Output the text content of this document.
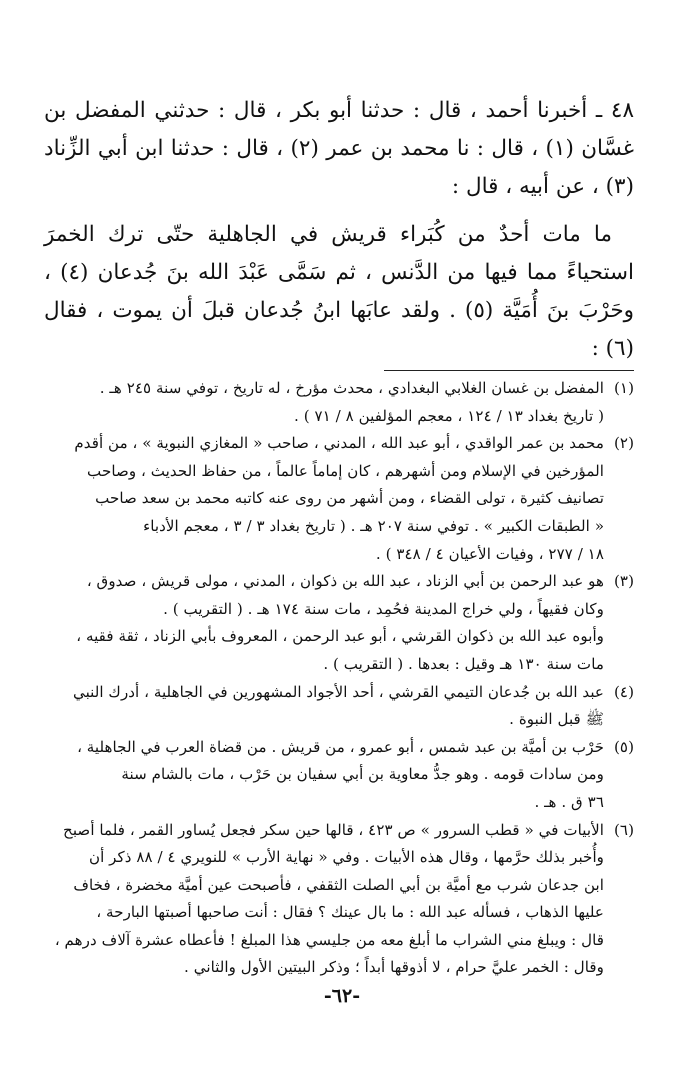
٤٨ ـ أخبرنا أحمد ، قال : حدثنا أبو بكر ، قال : حدثني المفضل بن غسَّان (١) ، قال : نا محمد بن عمر (٢) ، قال : حدثنا ابن أبي الزِّناد (٣) ، عن أبيه ، قال :

ما مات أحدٌ من كُبَراء قريش في الجاهلية حتّى ترك الخمرَ استحياءً مما فيها من الدَّنس ، ثم سَمَّى عَبْدَ الله بنَ جُدعان (٤) ، وحَرْبَ بنَ أُمَيَّة (٥) . ولقد عابَها ابنُ جُدعان قبلَ أن يموت ، فقال (٦) :

(١)
المفضل بن غسان الغلابي البغدادي ، محدث مؤرخ ، له تاريخ ، توفي سنة ٢٤٥ هـ .
( تاريخ بغداد ١٣ / ١٢٤ ، معجم المؤلفين ٨ / ٧١ ) .
(٢)
محمد بن عمر الواقدي ، أبو عبد الله ، المدني ، صاحب « المغازي النبوية » ، من أقدم
المؤرخين في الإسلام ومن أشهرهم ، كان إماماً عالماً ، من حفاظ الحديث ، وصاحب
تصانيف كثيرة ، تولى القضاء ، ومن أشهر من روى عنه كاتبه محمد بن سعد صاحب
« الطبقات الكبير » . توفي سنة ٢٠٧ هـ . ( تاريخ بغداد ٣ / ٣ ، معجم الأدباء
١٨ / ٢٧٧ ، وفيات الأعيان ٤ / ٣٤٨ ) .
(٣)
هو عبد الرحمن بن أبي الزناد ، عبد الله بن ذكوان ، المدني ، مولى قريش ، صدوق ،
وكان فقيهاً ، ولي خراج المدينة فحُمِد ، مات سنة ١٧٤ هـ . ( التقريب ) .
وأبوه عبد الله بن ذكوان القرشي ، أبو عبد الرحمن ، المعروف بأبي الزناد ، ثقة فقيه ،
مات سنة ١٣٠ هـ وقيل : بعدها . ( التقريب ) .
(٤)
عبد الله بن جُدعان التيمي القرشي ، أحد الأجواد المشهورين في الجاهلية ، أدرك النبي
ﷺ قبل النبوة .
(٥)
حَرْب بن أميَّة بن عبد شمس ، أبو عمرو ، من قريش . من قضاة العرب في الجاهلية ،
ومن سادات قومه . وهو جدُّ معاوية بن أبي سفيان بن حَرْب ، مات بالشام سنة
٣٦ ق . هـ .
(٦)
الأبيات في « قطب السرور » ص ٤٢٣ ، قالها حين سكر فجعل يُساور القمر ، فلما أصبح
وأُخبر بذلك حرَّمها ، وقال هذه الأبيات . وفي « نهاية الأرب » للنويري ٤ / ٨٨ ذكر أن
ابن جدعان شرب مع أميَّة بن أبي الصلت الثقفي ، فأصبحت عين أميَّة مخضرة ، فخاف
عليها الذهاب ، فسأله عبد الله : ما بال عينك ؟ فقال : أنت صاحبها أصبتها البارحة ،
قال : ويبلغ مني الشراب ما أبلغ معه من جليسي هذا المبلغ ! فأعطاه عشرة آلاف درهم ،
وقال : الخمر عليَّ حرام ، لا أذوقها أبداً ؛ وذكر البيتين الأول والثاني .
-٦٢-
